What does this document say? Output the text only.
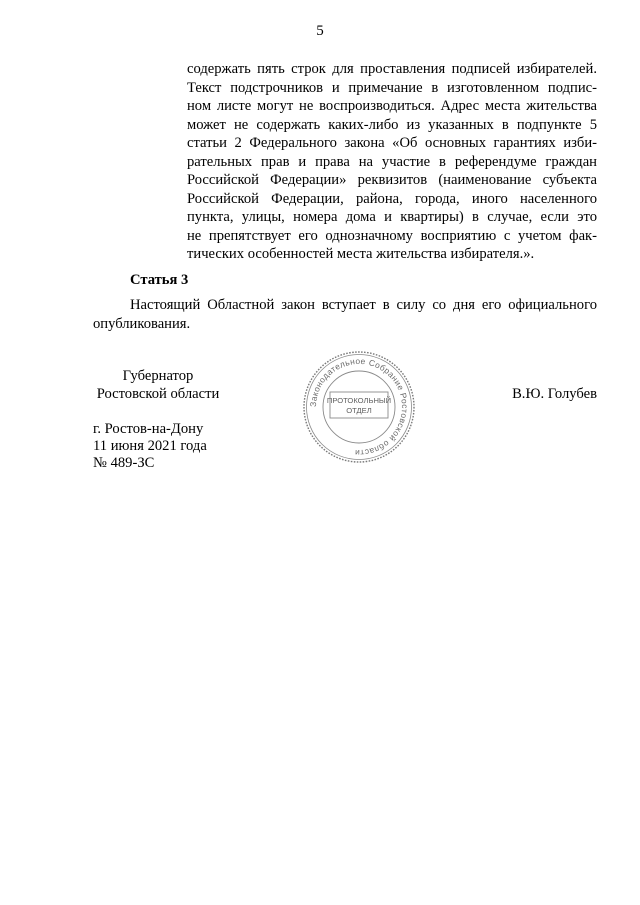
5
содержать пять строк для проставления подписей избирателей.
Текст подстрочников и примечание в изготовленном подпис-
ном листе могут не воспроизводиться. Адрес места жительства
может не содержать каких-либо из указанных в подпункте 5
статьи 2 Федерального закона «Об основных гарантиях изби-
рательных прав и права на участие в референдуме граждан
Российской Федерации» реквизитов (наименование субъекта
Российской Федерации, района, города, иного населенного
пункта, улицы, номера дома и квартиры) в случае, если это
не препятствует его однозначному восприятию с учетом фак-
тических особенностей места жительства избирателя.».
Статья 3
Настоящий Областной закон вступает в силу со дня его официального
опубликования.
Губернатор
Ростовской области
Законодательное Собрание Ростовской области
ПРОТОКОЛЬНЫЙ
ОТДЕЛ
В.Ю. Голубев
г. Ростов-на-Дону
11 июня 2021 года
№ 489-ЗС
